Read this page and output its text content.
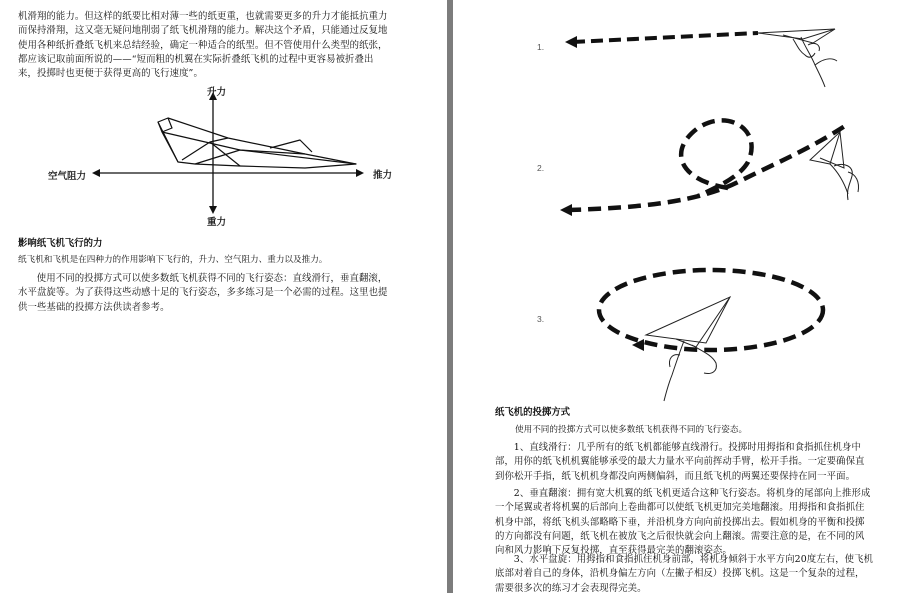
机滑翔的能力。但这样的纸要比相对薄一些的纸更重，也就需要更多的升力才能抵抗重力

而保持滑翔，这又毫无疑问地削弱了纸飞机滑翔的能力。解决这个矛盾，只能通过反复地

使用各种纸折叠纸飞机来总结经验，确定一种适合的纸型。但不管使用什么类型的纸张，

都应该记取前面所说的——“短而粗的机翼在实际折叠纸飞机的过程中更容易被折叠出

来，投掷时也更便于获得更高的飞行速度”。

升力
空气阻力	推力
重力
影响纸飞机飞行的力
纸飞机和飞机是在四种力的作用影响下飞行的，升力、空气阻力、重力以及推力。

使用不同的投掷方式可以使多数纸飞机获得不同的飞行姿态：直线滑行，垂直翻滚，

水平盘旋等。为了获得这些动感十足的飞行姿态，多多练习是一个必需的过程。这里也提

供一些基础的投掷方法供读者参考。

1.
2.
3.
纸飞机的投掷方式
使用不同的投掷方式可以使多数纸飞机获得不同的飞行姿态。

1、直线滑行：几乎所有的纸飞机都能够直线滑行。投掷时用拇指和食指抓住机身中

部，用你的纸飞机机翼能够承受的最大力量水平向前挥动手臂，松开手指。一定要确保直

到你松开手指，纸飞机机身都没向两侧偏斜，而且纸飞机的两翼还要保持在同一平面。

2、垂直翻滚：拥有宽大机翼的纸飞机更适合这种飞行姿态。将机身的尾部向上推形成

一个尾翼或者将机翼的后部向上卷曲都可以使纸飞机更加完美地翻滚。用拇指和食指抓住

机身中部，将纸飞机头部略略下垂，并沿机身方向向前投掷出去。假如机身的平衡和投掷

的方向都没有问题，纸飞机在被放飞之后很快就会向上翻滚。需要注意的是，在不同的风

向和风力影响下反复投掷，直至获得最完美的翻滚姿态。

3、水平盘旋：用拇指和食指抓住机身前部，将机身倾斜于水平方向20度左右，使飞机

底部对着自己的身体，沿机身偏左方向（左撇子相反）投掷飞机。这是一个复杂的过程，

需要很多次的练习才会表现得完美。
